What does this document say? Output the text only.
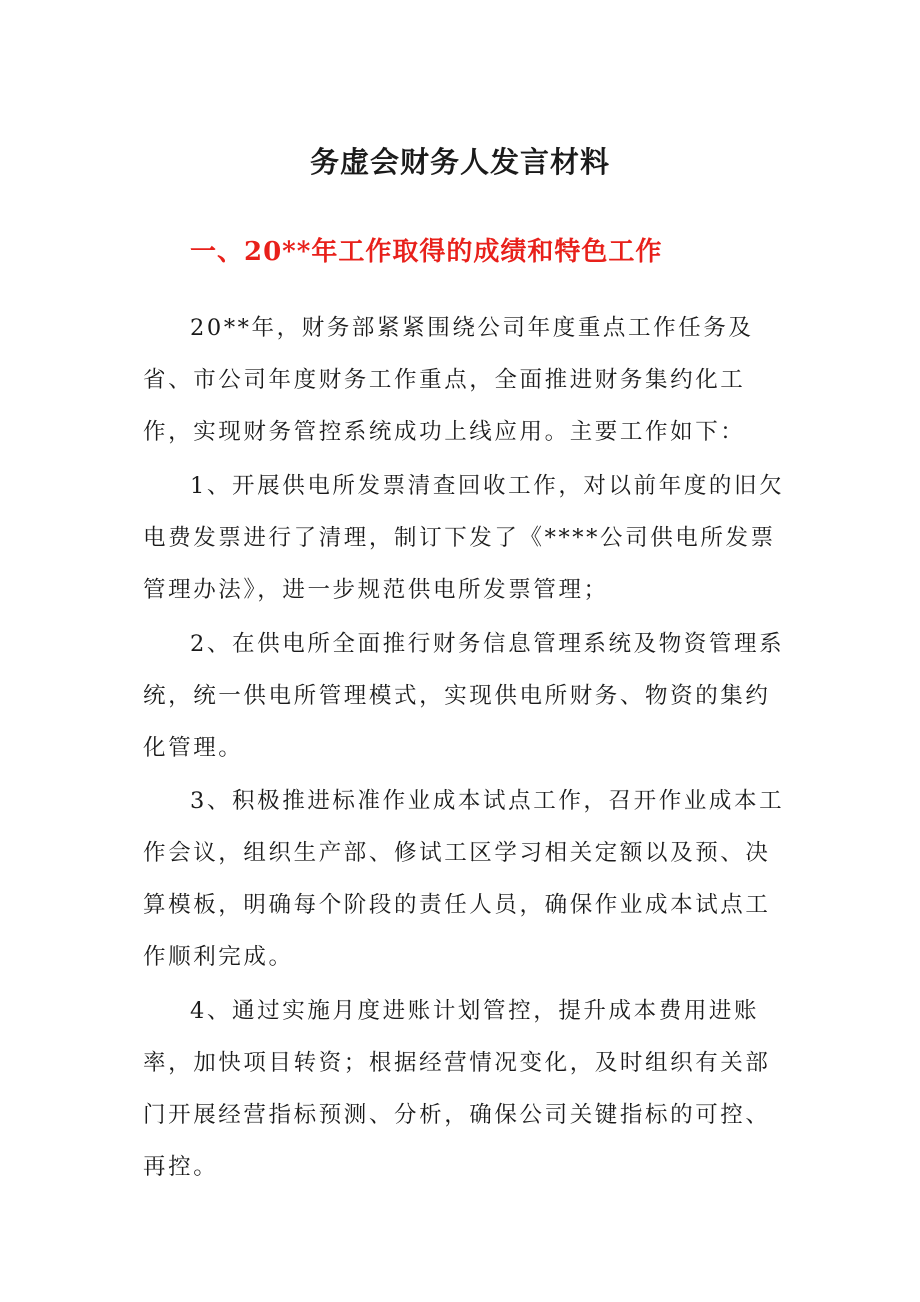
务虚会财务人发言材料
一、20**年工作取得的成绩和特色工作

20**年，财务部紧紧围绕公司年度重点工作任务及省、市公司年度财务工作重点，全面推进财务集约化工作，实现财务管控系统成功上线应用。主要工作如下：

1、开展供电所发票清查回收工作，对以前年度的旧欠电费发票进行了清理，制订下发了《****公司供电所发票管理办法》，进一步规范供电所发票管理；

2、在供电所全面推行财务信息管理系统及物资管理系统，统一供电所管理模式，实现供电所财务、物资的集约化管理。

3、积极推进标准作业成本试点工作，召开作业成本工作会议，组织生产部、修试工区学习相关定额以及预、决算模板，明确每个阶段的责任人员，确保作业成本试点工作顺利完成。

4、通过实施月度进账计划管控，提升成本费用进账率，加快项目转资；根据经营情况变化，及时组织有关部门开展经营指标预测、分析，确保公司关键指标的可控、再控。
